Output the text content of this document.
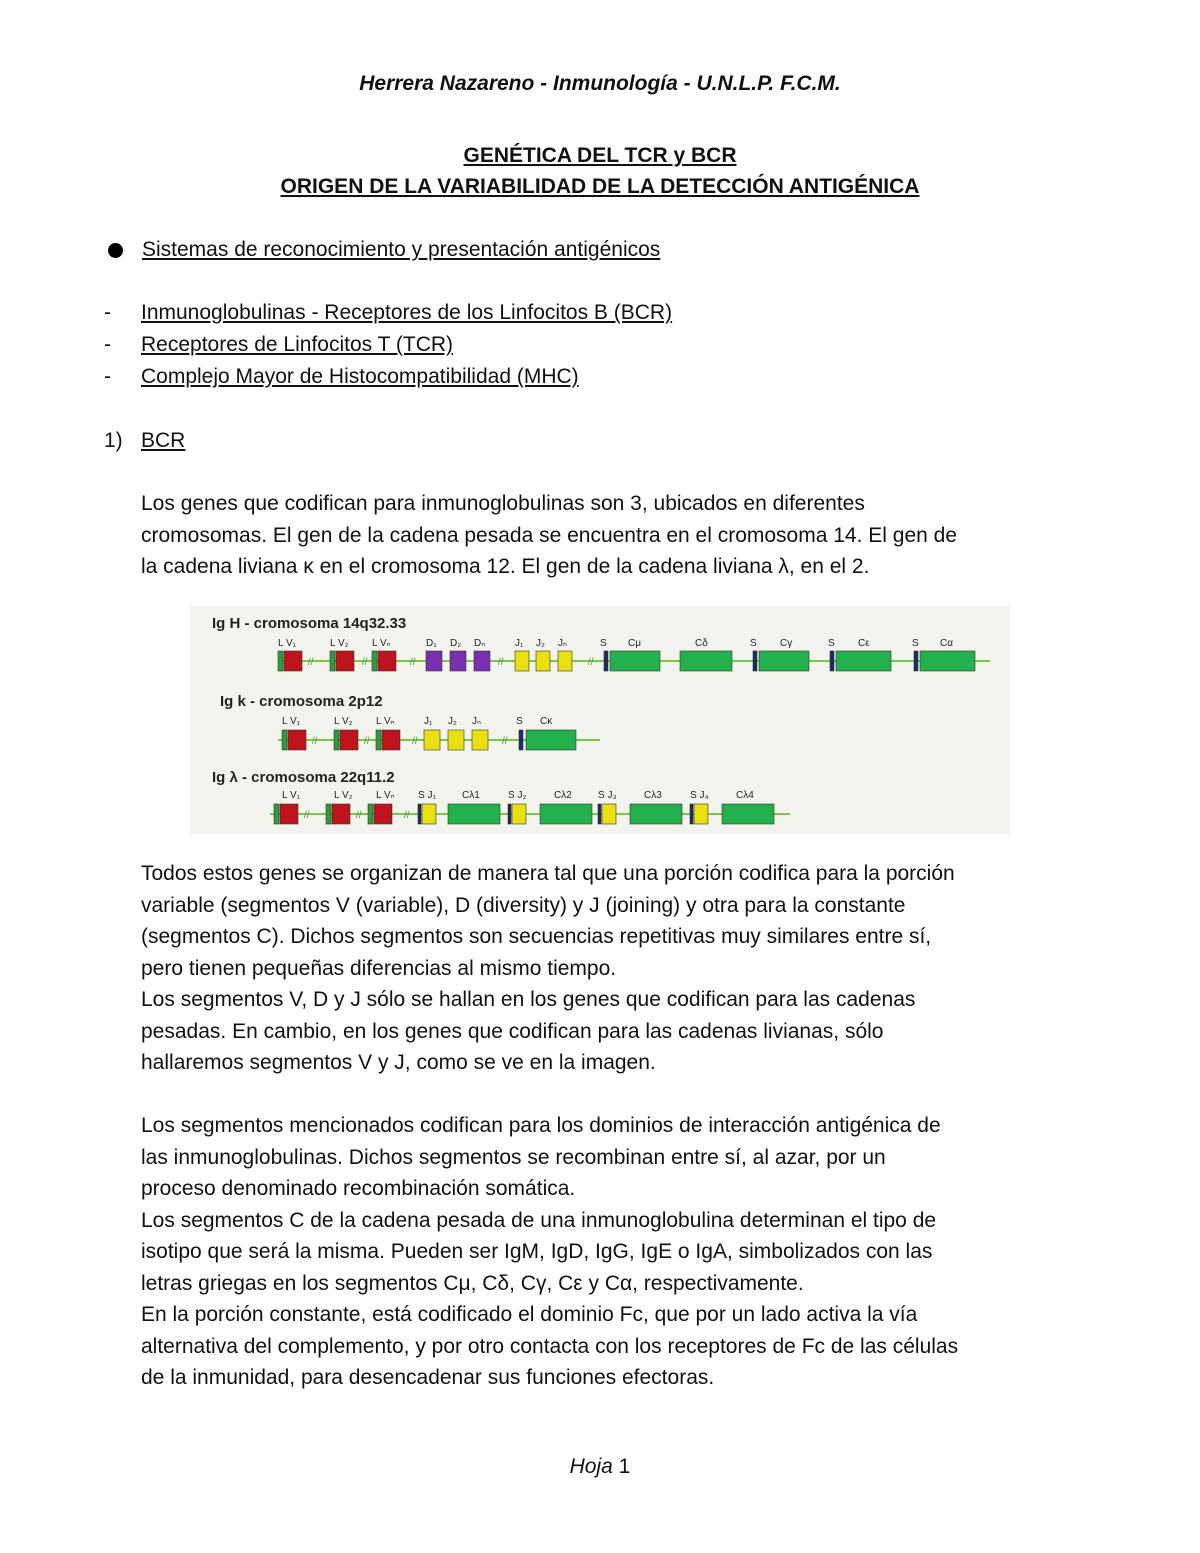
Herrera Nazareno - Inmunología - U.N.L.P. F.C.M.
GENÉTICA DEL TCR y BCR
ORIGEN DE LA VARIABILIDAD DE LA DETECCIÓN ANTIGÉNICA
Sistemas de reconocimiento y presentación antigénicos
- Inmunoglobulinas - Receptores de los Linfocitos B (BCR)
- Receptores de Linfocitos T (TCR)
- Complejo Mayor de Histocompatibilidad (MHC)
1) BCR
Los genes que codifican para inmunoglobulinas son 3, ubicados en diferentes
cromosomas. El gen de la cadena pesada se encuentra en el cromosoma 14. El gen de
la cadena liviana κ en el cromosoma 12. El gen de la cadena liviana λ, en el 2.
Ig H - cromosoma 14q32.33
L V₁	L V₂ L Vₙ	D₁ D₂ Dₙ	J₁ J₂ Jₙ
//	//	//	//	//
S Cμ	Cδ	S Cγ	S Cε	S Cα
Ig k - cromosoma 2p12
L V₁	L V₂ L Vₙ	J₁ J₂ Jₙ
//	//	//	//
S Cκ
Ig λ - cromosoma 22q11.2
L V₁	L V₂ L Vₙ
//	//	//
S J₁	Cλ1	S J₂	Cλ2	S J₃	Cλ3	S J₄	Cλ4
Todos estos genes se organizan de manera tal que una porción codifica para la porción
variable (segmentos V (variable), D (diversity) y J (joining) y otra para la constante
(segmentos C). Dichos segmentos son secuencias repetitivas muy similares entre sí,
pero tienen pequeñas diferencias al mismo tiempo.
Los segmentos V, D y J sólo se hallan en los genes que codifican para las cadenas
pesadas. En cambio, en los genes que codifican para las cadenas livianas, sólo
hallaremos segmentos V y J, como se ve en la imagen.
Los segmentos mencionados codifican para los dominios de interacción antigénica de
las inmunoglobulinas. Dichos segmentos se recombinan entre sí, al azar, por un
proceso denominado recombinación somática.
Los segmentos C de la cadena pesada de una inmunoglobulina determinan el tipo de
isotipo que será la misma. Pueden ser IgM, IgD, IgG, IgE o IgA, simbolizados con las
letras griegas en los segmentos Cμ, Cδ, Cγ, Cε y Cα, respectivamente.
En la porción constante, está codificado el dominio Fc, que por un lado activa la vía
alternativa del complemento, y por otro contacta con los receptores de Fc de las células
de la inmunidad, para desencadenar sus funciones efectoras.
Hoja 1
